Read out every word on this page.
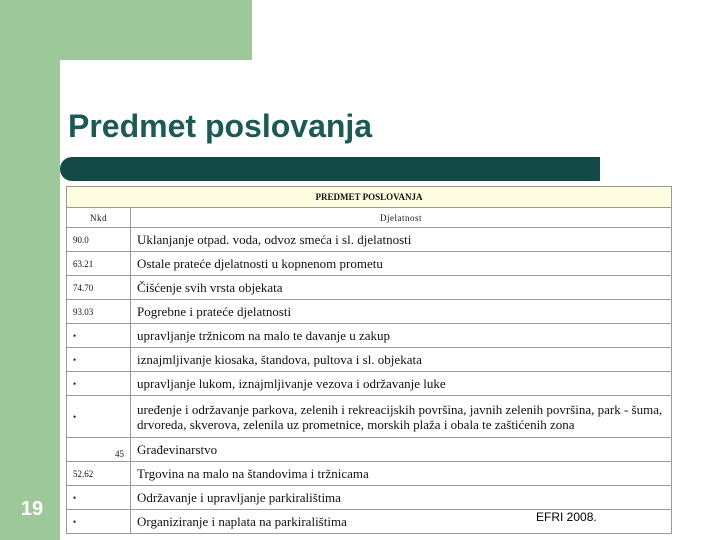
Predmet poslovanja
PREDMET POSLOVANJA	
Nkd	Djelatnost
90.0	Uklanjanje otpad. voda, odvoz smeća i sl. djelatnosti
63.21	Ostale prateće djelatnosti u kopnenom prometu
74.70	Čišćenje svih vrsta objekata
93.03	Pogrebne i prateće djelatnosti
•	upravljanje tržnicom na malo te davanje u zakup
•	iznajmljivanje kiosaka, štandova, pultova i sl. objekata
•	upravljanje lukom, iznajmljivanje vezova i održavanje luke
•	uređenje i održavanje parkova, zelenih i rekreacijskih površina, javnih zelenih površina, park - šuma, drvoreda, skverova, zelenila uz prometnice, morskih plaža i obala te zaštićenih zona
45	Građevinarstvo
52.62	Trgovina na malo na štandovima i tržnicama
•	Održavanje i upravljanje parkiralištima
•	Organiziranje i naplata na parkiralištima
19	EFRI 2008.
